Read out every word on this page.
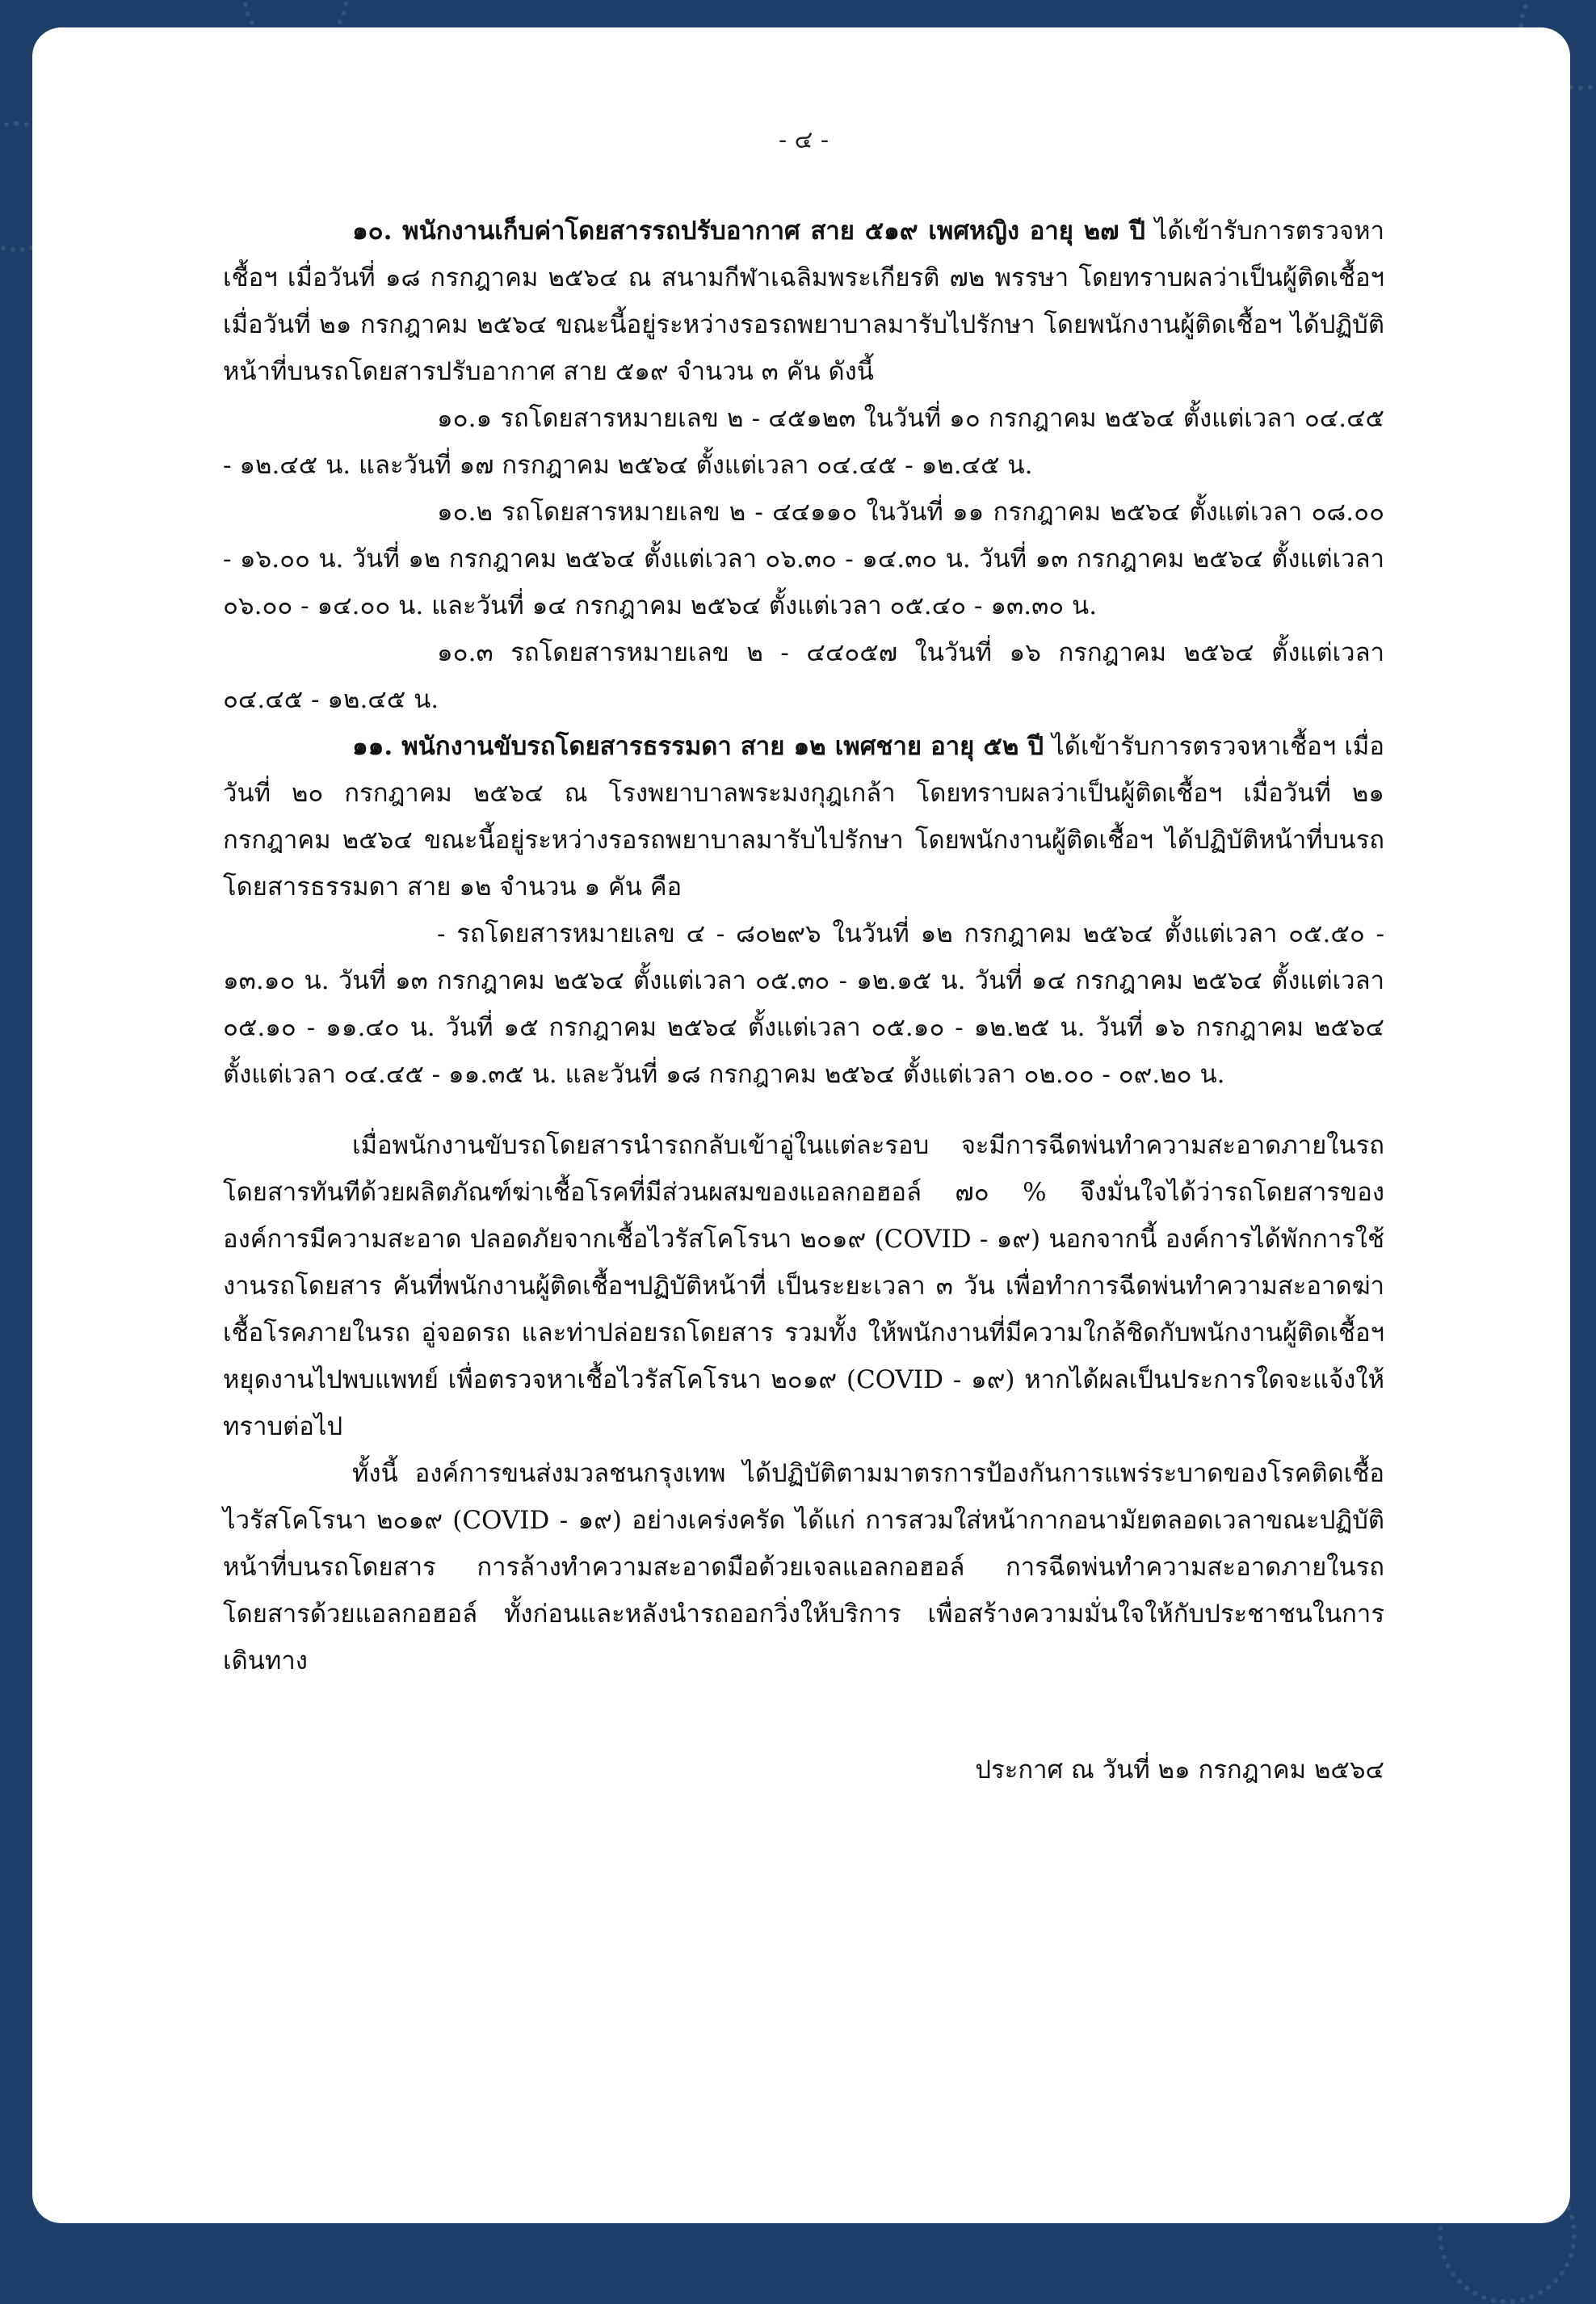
- ๔ -

๑๐. พนักงานเก็บค่าโดยสารรถปรับอากาศ สาย ๕๑๙ เพศหญิง อายุ ๒๗ ปี ได้เข้ารับการตรวจหาเชื้อฯ เมื่อวันที่ ๑๘ กรกฎาคม ๒๕๖๔ ณ สนามกีฬาเฉลิมพระเกียรติ ๗๒ พรรษา โดยทราบผลว่าเป็นผู้ติดเชื้อฯ เมื่อวันที่ ๒๑ กรกฎาคม ๒๕๖๔ ขณะนี้อยู่ระหว่างรอรถพยาบาลมารับไปรักษา โดยพนักงานผู้ติดเชื้อฯ ได้ปฏิบัติหน้าที่บนรถโดยสารปรับอากาศ สาย ๕๑๙ จำนวน ๓ คัน ดังนี้

๑๐.๑ รถโดยสารหมายเลข ๒ - ๔๕๑๒๓ ในวันที่ ๑๐ กรกฎาคม ๒๕๖๔ ตั้งแต่เวลา ๐๔.๔๕ - ๑๒.๔๕ น. และวันที่ ๑๗ กรกฎาคม ๒๕๖๔ ตั้งแต่เวลา ๐๔.๔๕ - ๑๒.๔๕ น.

๑๐.๒ รถโดยสารหมายเลข ๒ - ๔๔๑๑๐ ในวันที่ ๑๑ กรกฎาคม ๒๕๖๔ ตั้งแต่เวลา ๐๘.๐๐ - ๑๖.๐๐ น. วันที่ ๑๒ กรกฎาคม ๒๕๖๔ ตั้งแต่เวลา ๐๖.๓๐ - ๑๔.๓๐ น. วันที่ ๑๓ กรกฎาคม ๒๕๖๔ ตั้งแต่เวลา ๐๖.๐๐ - ๑๔.๐๐ น. และวันที่ ๑๔ กรกฎาคม ๒๕๖๔ ตั้งแต่เวลา ๐๕.๔๐ - ๑๓.๓๐ น.

๑๐.๓ รถโดยสารหมายเลข ๒ - ๔๔๐๕๗ ในวันที่ ๑๖ กรกฎาคม ๒๕๖๔ ตั้งแต่เวลา ๐๔.๔๕ - ๑๒.๔๕ น.

๑๑. พนักงานขับรถโดยสารธรรมดา สาย ๑๒ เพศชาย อายุ ๕๒ ปี ได้เข้ารับการตรวจหาเชื้อฯ เมื่อวันที่ ๒๐ กรกฎาคม ๒๕๖๔ ณ โรงพยาบาลพระมงกุฎเกล้า โดยทราบผลว่าเป็นผู้ติดเชื้อฯ เมื่อวันที่ ๒๑ กรกฎาคม ๒๕๖๔ ขณะนี้อยู่ระหว่างรอรถพยาบาลมารับไปรักษา โดยพนักงานผู้ติดเชื้อฯ ได้ปฏิบัติหน้าที่บนรถโดยสารธรรมดา สาย ๑๒ จำนวน ๑ คัน คือ

- รถโดยสารหมายเลข ๔ - ๘๐๒๙๖ ในวันที่ ๑๒ กรกฎาคม ๒๕๖๔ ตั้งแต่เวลา ๐๕.๕๐ - ๑๓.๑๐ น. วันที่ ๑๓ กรกฎาคม ๒๕๖๔ ตั้งแต่เวลา ๐๕.๓๐ - ๑๒.๑๕ น. วันที่ ๑๔ กรกฎาคม ๒๕๖๔ ตั้งแต่เวลา ๐๕.๑๐ - ๑๑.๔๐ น. วันที่ ๑๕ กรกฎาคม ๒๕๖๔ ตั้งแต่เวลา ๐๕.๑๐ - ๑๒.๒๕ น. วันที่ ๑๖ กรกฎาคม ๒๕๖๔ ตั้งแต่เวลา ๐๔.๔๕ - ๑๑.๓๕ น. และวันที่ ๑๘ กรกฎาคม ๒๕๖๔ ตั้งแต่เวลา ๐๒.๐๐ - ๐๙.๒๐ น.

เมื่อพนักงานขับรถโดยสารนำรถกลับเข้าอู่ในแต่ละรอบ จะมีการฉีดพ่นทำความสะอาดภายในรถโดยสารทันทีด้วยผลิตภัณฑ์ฆ่าเชื้อโรคที่มีส่วนผสมของแอลกอฮอล์ ๗๐ % จึงมั่นใจได้ว่ารถโดยสารขององค์การมีความสะอาด ปลอดภัยจากเชื้อไวรัสโคโรนา ๒๐๑๙ (COVID - ๑๙) นอกจากนี้ องค์การได้พักการใช้งานรถโดยสาร คันที่พนักงานผู้ติดเชื้อฯปฏิบัติหน้าที่ เป็นระยะเวลา ๓ วัน เพื่อทำการฉีดพ่นทำความสะอาดฆ่าเชื้อโรคภายในรถ อู่จอดรถ และท่าปล่อยรถโดยสาร รวมทั้ง ให้พนักงานที่มีความใกล้ชิดกับพนักงานผู้ติดเชื้อฯ หยุดงานไปพบแพทย์ เพื่อตรวจหาเชื้อไวรัสโคโรนา ๒๐๑๙ (COVID - ๑๙) หากได้ผลเป็นประการใดจะแจ้งให้ทราบต่อไป

ทั้งนี้ องค์การขนส่งมวลชนกรุงเทพ ได้ปฏิบัติตามมาตรการป้องกันการแพร่ระบาดของโรคติดเชื้อไวรัสโคโรนา ๒๐๑๙ (COVID - ๑๙) อย่างเคร่งครัด ได้แก่ การสวมใส่หน้ากากอนามัยตลอดเวลาขณะปฏิบัติหน้าที่บนรถโดยสาร การล้างทำความสะอาดมือด้วยเจลแอลกอฮอล์ การฉีดพ่นทำความสะอาดภายในรถโดยสารด้วยแอลกอฮอล์ ทั้งก่อนและหลังนำรถออกวิ่งให้บริการ เพื่อสร้างความมั่นใจให้กับประชาชนในการเดินทาง

ประกาศ ณ วันที่ ๒๑ กรกฎาคม ๒๕๖๔
